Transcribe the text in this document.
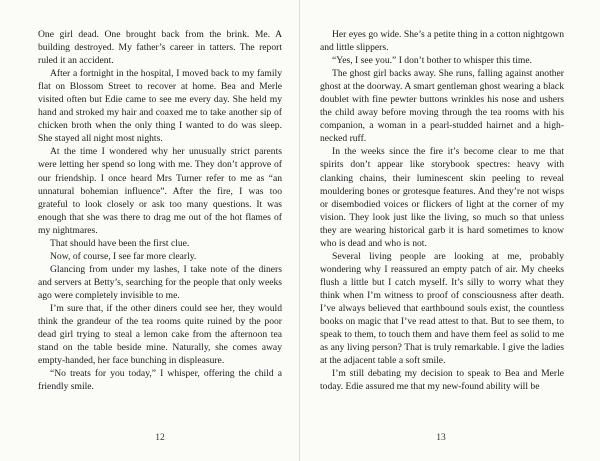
One girl dead. One brought back from the brink. Me. A building destroyed. My father’s career in tatters. The report ruled it an accident.

After a fortnight in the hospital, I moved back to my family flat on Blossom Street to recover at home. Bea and Merle visited often but Edie came to see me every day. She held my hand and stroked my hair and coaxed me to take another sip of chicken broth when the only thing I wanted to do was sleep. She stayed all night most nights.

At the time I wondered why her unusually strict parents were letting her spend so long with me. They don’t approve of our friendship. I once heard Mrs Turner refer to me as “an unnatural bohemian influence”. After the fire, I was too grateful to look closely or ask too many questions. It was enough that she was there to drag me out of the hot flames of my nightmares.

That should have been the first clue.

Now, of course, I see far more clearly.

Glancing from under my lashes, I take note of the diners and servers at Betty’s, searching for the people that only weeks ago were completely invisible to me.

I’m sure that, if the other diners could see her, they would think the grandeur of the tea rooms quite ruined by the poor dead girl trying to steal a lemon cake from the afternoon tea stand on the table beside mine. Naturally, she comes away empty-handed, her face bunching in displeasure.

“No treats for you today,” I whisper, offering the child a friendly smile.

12

Her eyes go wide. She’s a petite thing in a cotton nightgown and little slippers.

“Yes, I see you.” I don’t bother to whisper this time.

The ghost girl backs away. She runs, falling against another ghost at the doorway. A smart gentleman ghost wearing a black doublet with fine pewter buttons wrinkles his nose and ushers the child away before moving through the tea rooms with his companion, a woman in a pearl-studded hairnet and a high-necked ruff.

In the weeks since the fire it’s become clear to me that spirits don’t appear like storybook spectres: heavy with clanking chains, their luminescent skin peeling to reveal mouldering bones or grotesque features. And they’re not wisps or disembodied voices or flickers of light at the corner of my vision. They look just like the living, so much so that unless they are wearing historical garb it is hard sometimes to know who is dead and who is not.

Several living people are looking at me, probably wondering why I reassured an empty patch of air. My cheeks flush a little but I catch myself. It’s silly to worry what they think when I’m witness to proof of consciousness after death. I’ve always believed that earthbound souls exist, the countless books on magic that I’ve read attest to that. But to see them, to speak to them, to touch them and have them feel as solid to me as any living person? That is truly remarkable. I give the ladies at the adjacent table a soft smile.

I’m still debating my decision to speak to Bea and Merle today. Edie assured me that my new-found ability will be

13
